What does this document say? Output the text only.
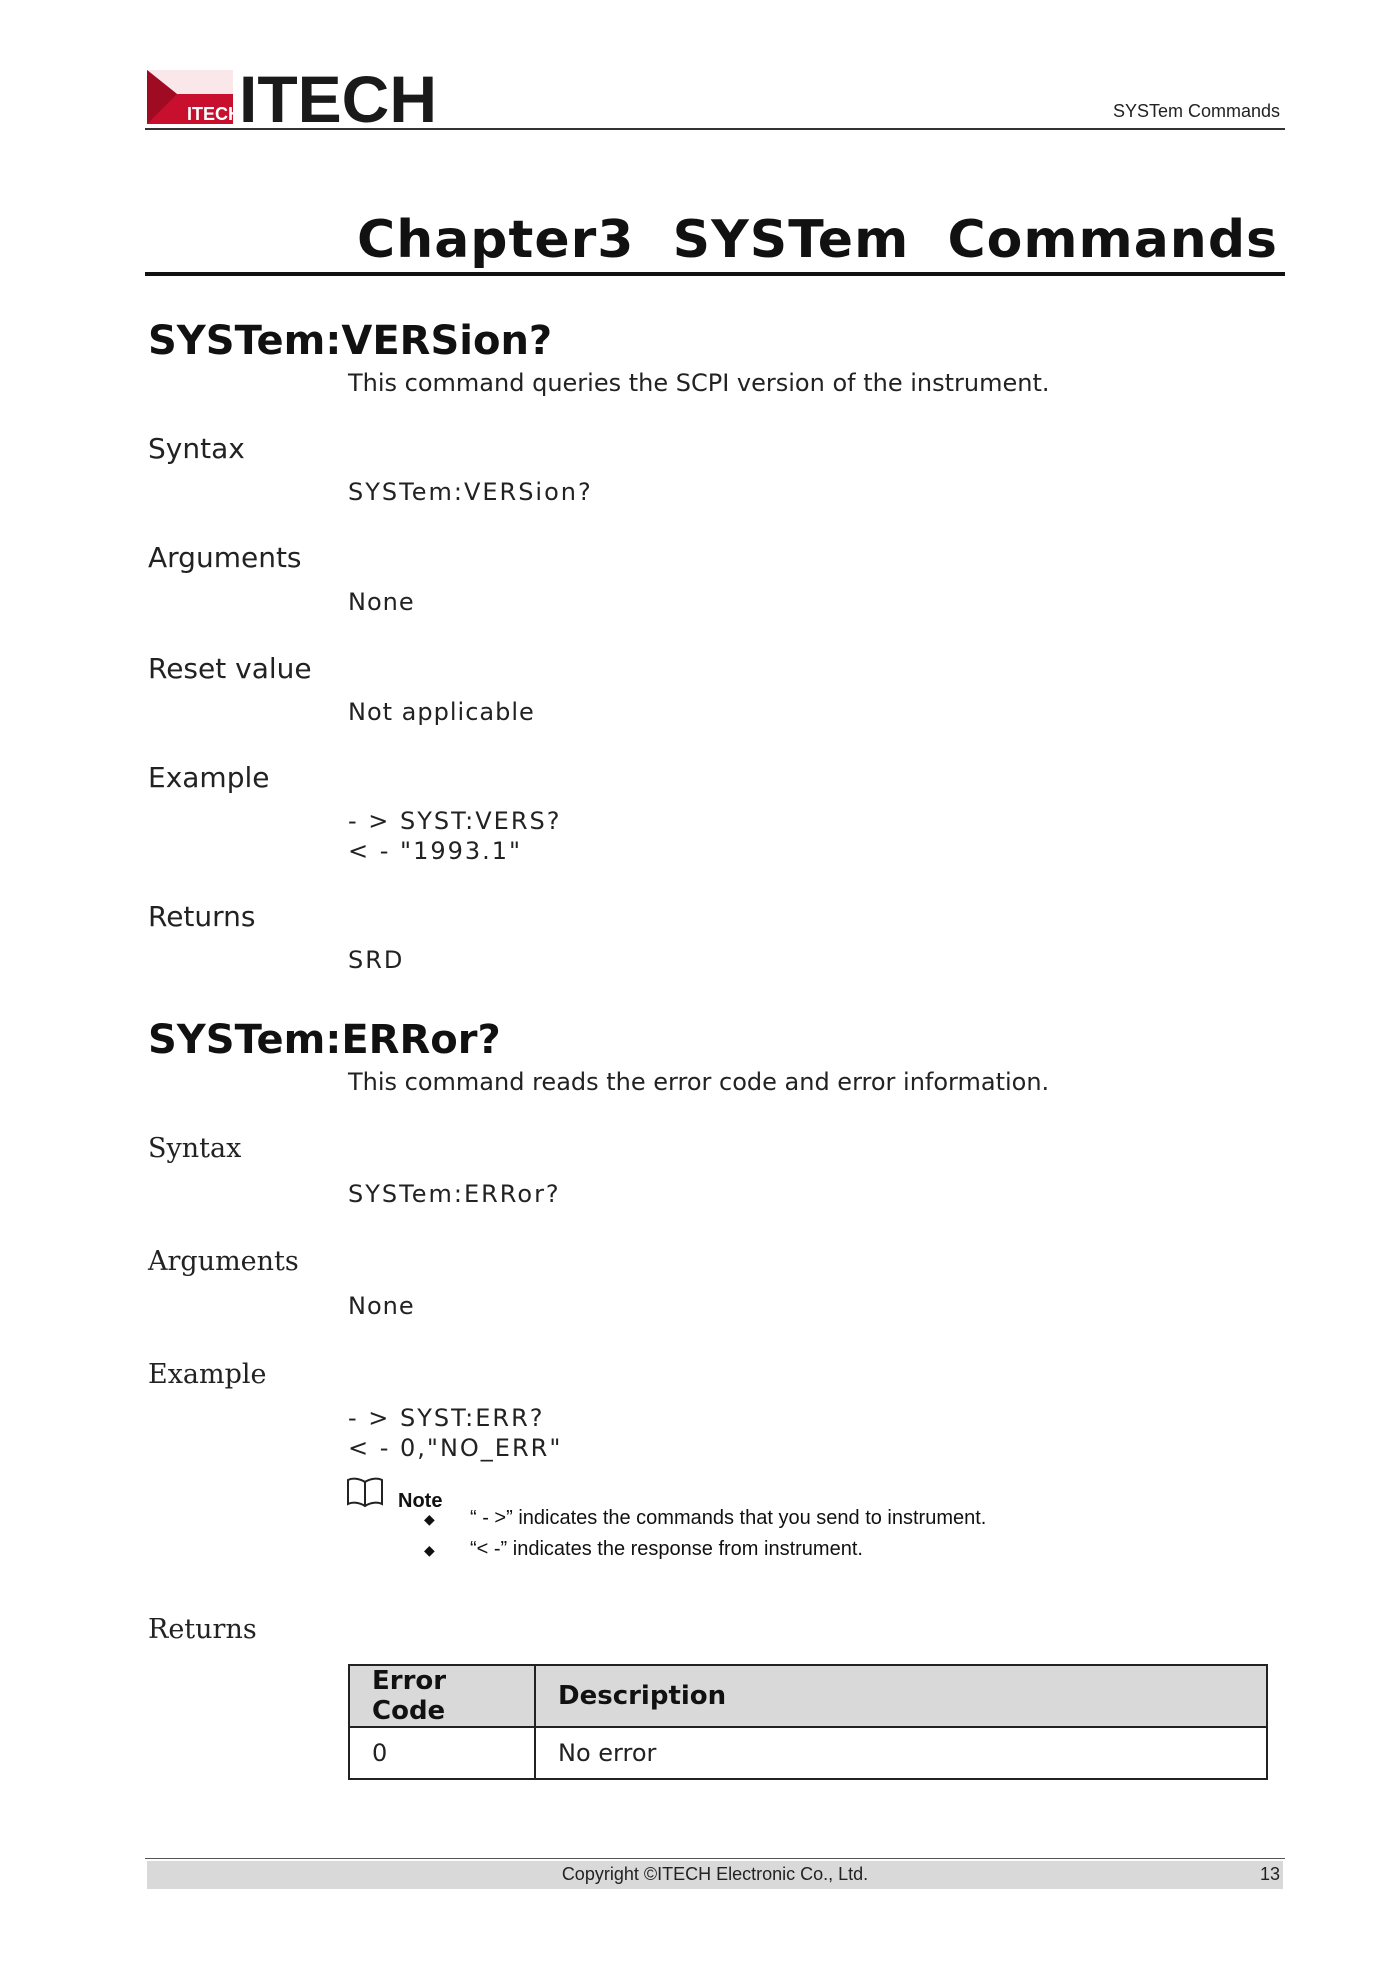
ITECH
ITECH	SYSTem Commands
Chapter3  SYSTem  Commands
SYSTem:VERSion?
This command queries the SCPI version of the instrument.
Syntax
SYSTem:VERSion?
Arguments
None
Reset value
Not applicable
Example
- > SYST:VERS?
< - "1993.1"
Returns
SRD
SYSTem:ERRor?
This command reads the error code and error information.
Syntax
SYSTem:ERRor?
Arguments
None
Example
- > SYST:ERR?
< - 0,"NO_ERR"
Note
◆ “ - >” indicates the commands that you send to instrument.
◆ “< -” indicates the response from instrument.
Returns
Error Code	Description
0	No error
Copyright ©ITECH Electronic Co., Ltd.	13
